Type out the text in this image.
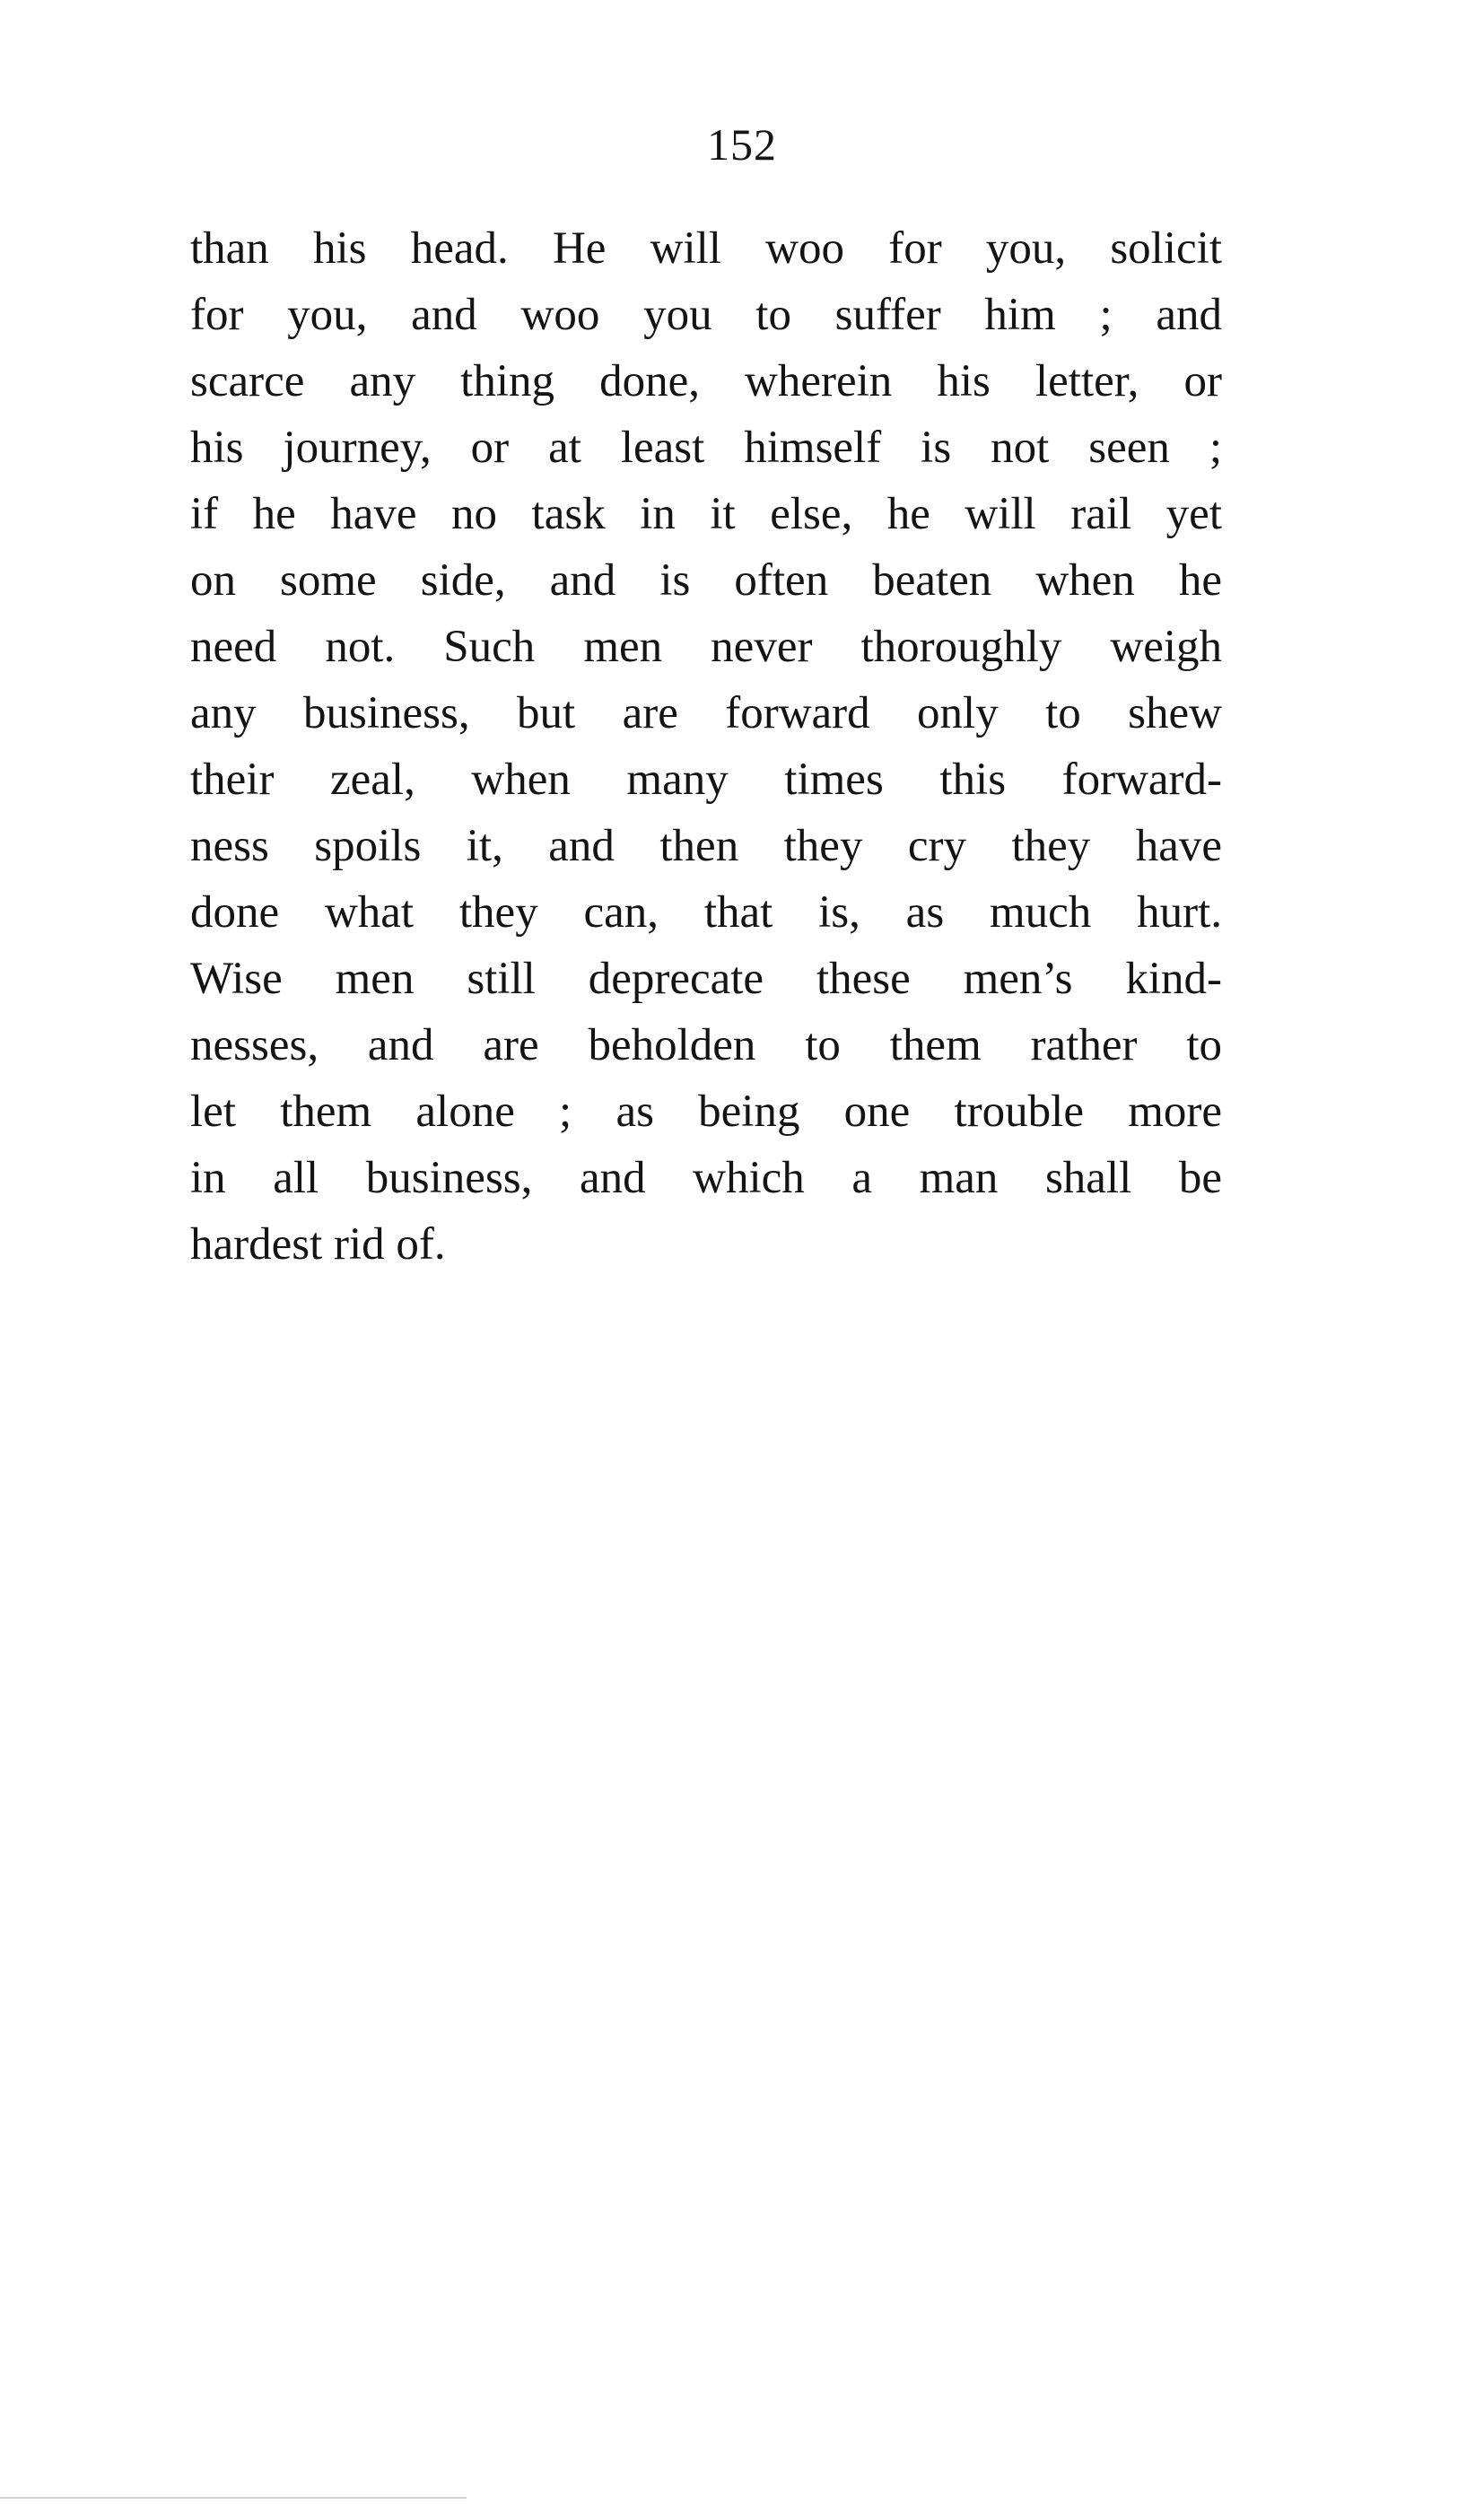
152
than his head. He will woo for you, solicit
for you, and woo you to suffer him ; and
scarce any thing done, wherein his letter, or
his journey, or at least himself is not seen ;
if he have no task in it else, he will rail yet
on some side, and is often beaten when he
need not. Such men never thoroughly weigh
any business, but are forward only to shew
their zeal, when many times this forward-
ness spoils it, and then they cry they have
done what they can, that is, as much hurt.
Wise men still deprecate these men’s kind-
nesses, and are beholden to them rather to
let them alone ; as being one trouble more
in all business, and which a man shall be
hardest rid of.
